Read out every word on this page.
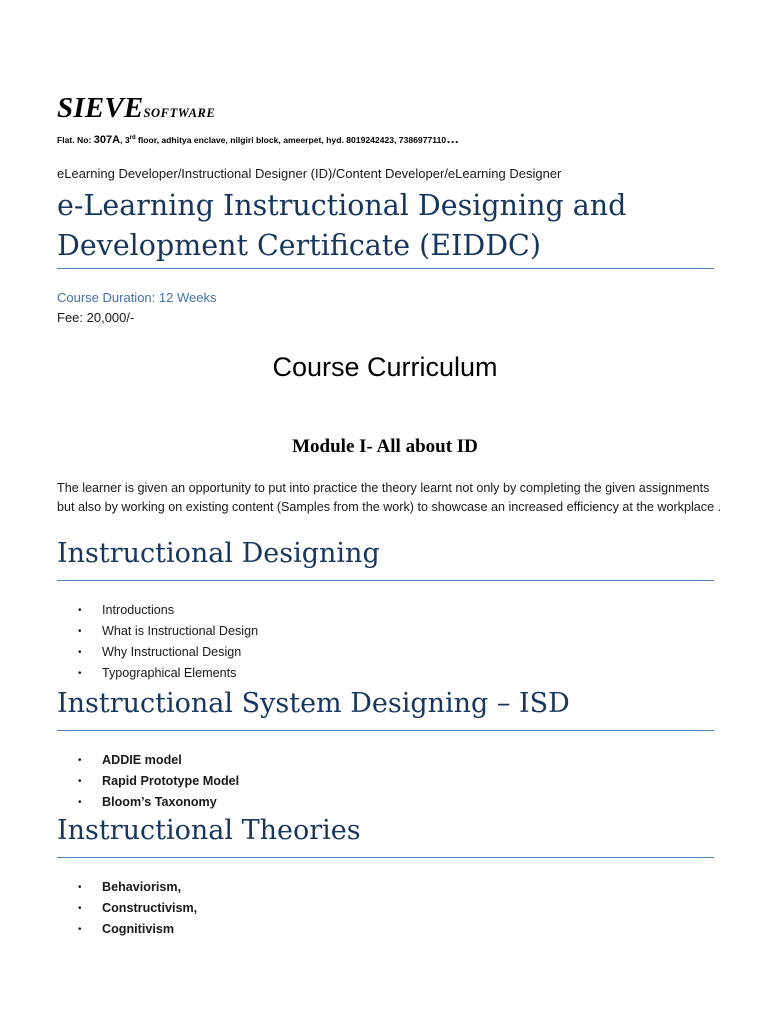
SIEVESOFTWARE
Flat. No: 307A, 3rd floor, adhitya enclave, nilgiri block, ameerpet, hyd. 8019242423, 7386977110…
eLearning Developer/Instructional Designer (ID)/Content Developer/eLearning Designer
e-Learning Instructional Designing and Development Certificate (EIDDC)
Course Duration: 12 Weeks
Fee: 20,000/-
Course Curriculum
Module I- All about ID

The learner is given an opportunity to put into practice the theory learnt not only by completing the given assignments but also by working on existing content (Samples from the work) to showcase an increased efficiency at the workplace .

Instructional Designing
• Introductions
• What is Instructional Design
• Why Instructional Design
• Typographical Elements
Instructional System Designing – ISD
• ADDIE model
• Rapid Prototype Model
• Bloom’s Taxonomy
Instructional Theories
• Behaviorism,
• Constructivism,
• Cognitivism
